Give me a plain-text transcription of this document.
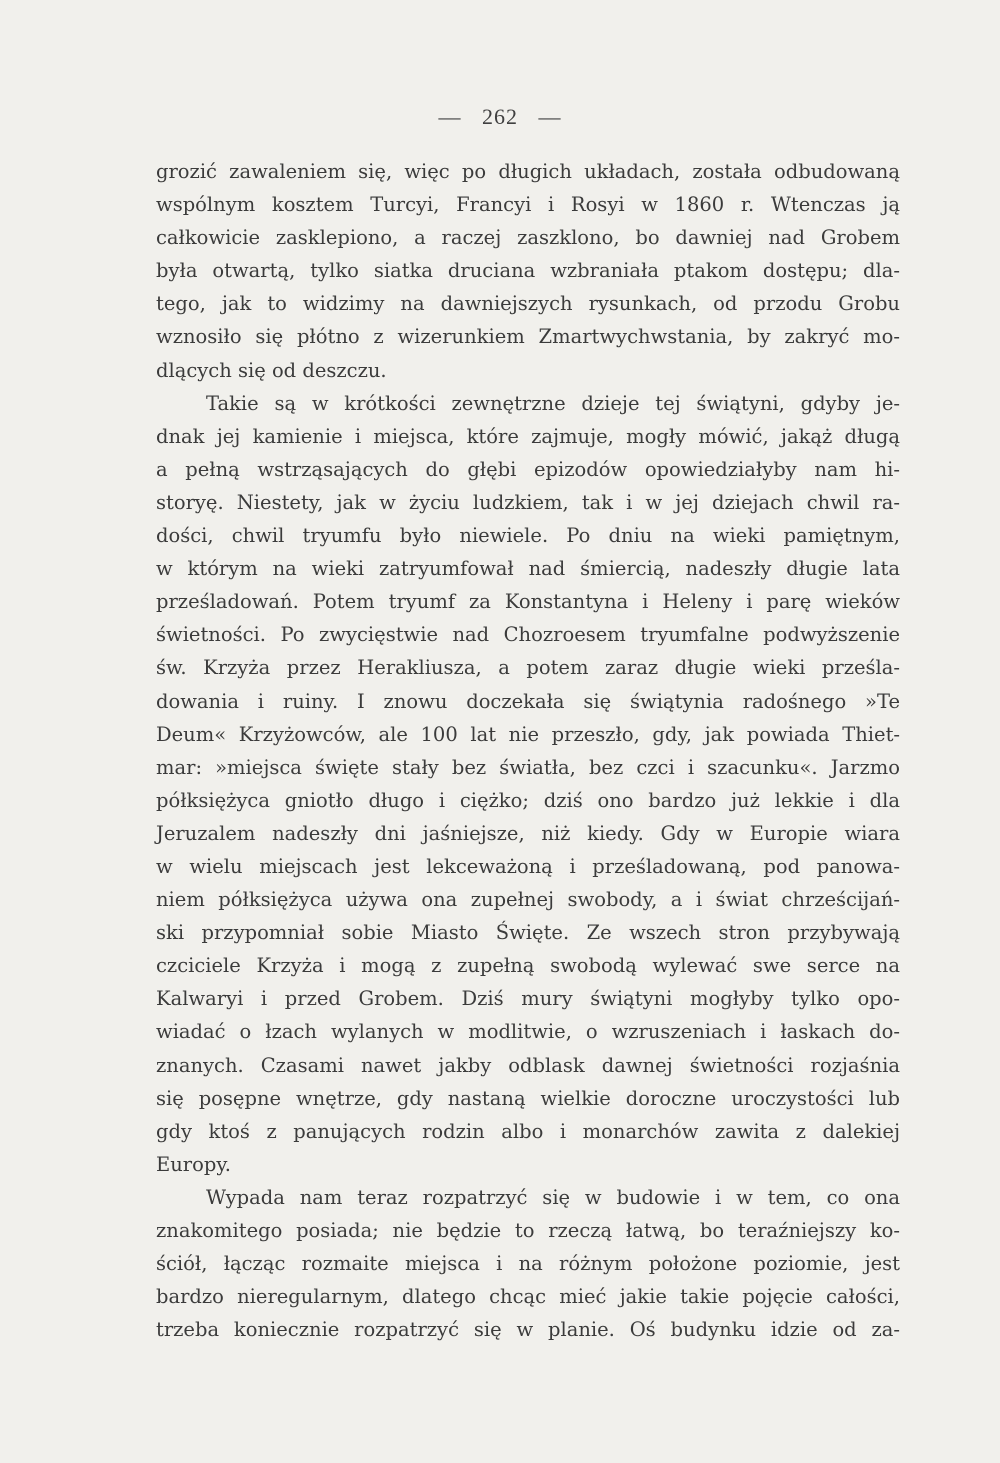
— 262 —
grozić zawaleniem się, więc po długich układach, została odbudowaną
wspólnym kosztem Turcyi, Francyi i Rosyi w 1860 r. Wtenczas ją
całkowicie zasklepiono, a raczej zaszklono, bo dawniej nad Grobem
była otwartą, tylko siatka druciana wzbraniała ptakom dostępu; dla-
tego, jak to widzimy na dawniejszych rysunkach, od przodu Grobu
wznosiło się płótno z wizerunkiem Zmartwychwstania, by zakryć mo-
dlących się od deszczu.
Takie są w krótkości zewnętrzne dzieje tej świątyni, gdyby je-
dnak jej kamienie i miejsca, które zajmuje, mogły mówić, jakąż długą
a pełną wstrząsających do głębi epizodów opowiedziałyby nam hi-
storyę. Niestety, jak w życiu ludzkiem, tak i w jej dziejach chwil ra-
dości, chwil tryumfu było niewiele. Po dniu na wieki pamiętnym,
w którym na wieki zatryumfował nad śmiercią, nadeszły długie lata
prześladowań. Potem tryumf za Konstantyna i Heleny i parę wieków
świetności. Po zwycięstwie nad Chozroesem tryumfalne podwyższenie
św. Krzyża przez Herakliusza, a potem zaraz długie wieki prześla-
dowania i ruiny. I znowu doczekała się świątynia radośnego »Te
Deum« Krzyżowców, ale 100 lat nie przeszło, gdy, jak powiada Thiet-
mar: »miejsca święte stały bez światła, bez czci i szacunku«. Jarzmo
półksiężyca gniotło długo i ciężko; dziś ono bardzo już lekkie i dla
Jeruzalem nadeszły dni jaśniejsze, niż kiedy. Gdy w Europie wiara
w wielu miejscach jest lekceważoną i prześladowaną, pod panowa-
niem półksiężyca używa ona zupełnej swobody, a i świat chrześcijań-
ski przypomniał sobie Miasto Święte. Ze wszech stron przybywają
czciciele Krzyża i mogą z zupełną swobodą wylewać swe serce na
Kalwaryi i przed Grobem. Dziś mury świątyni mogłyby tylko opo-
wiadać o łzach wylanych w modlitwie, o wzruszeniach i łaskach do-
znanych. Czasami nawet jakby odblask dawnej świetności rozjaśnia
się posępne wnętrze, gdy nastaną wielkie doroczne uroczystości lub
gdy ktoś z panujących rodzin albo i monarchów zawita z dalekiej
Europy.
Wypada nam teraz rozpatrzyć się w budowie i w tem, co ona
znakomitego posiada; nie będzie to rzeczą łatwą, bo teraźniejszy ko-
ściół, łącząc rozmaite miejsca i na różnym położone poziomie, jest
bardzo nieregularnym, dlatego chcąc mieć jakie takie pojęcie całości,
trzeba koniecznie rozpatrzyć się w planie. Oś budynku idzie od za-
